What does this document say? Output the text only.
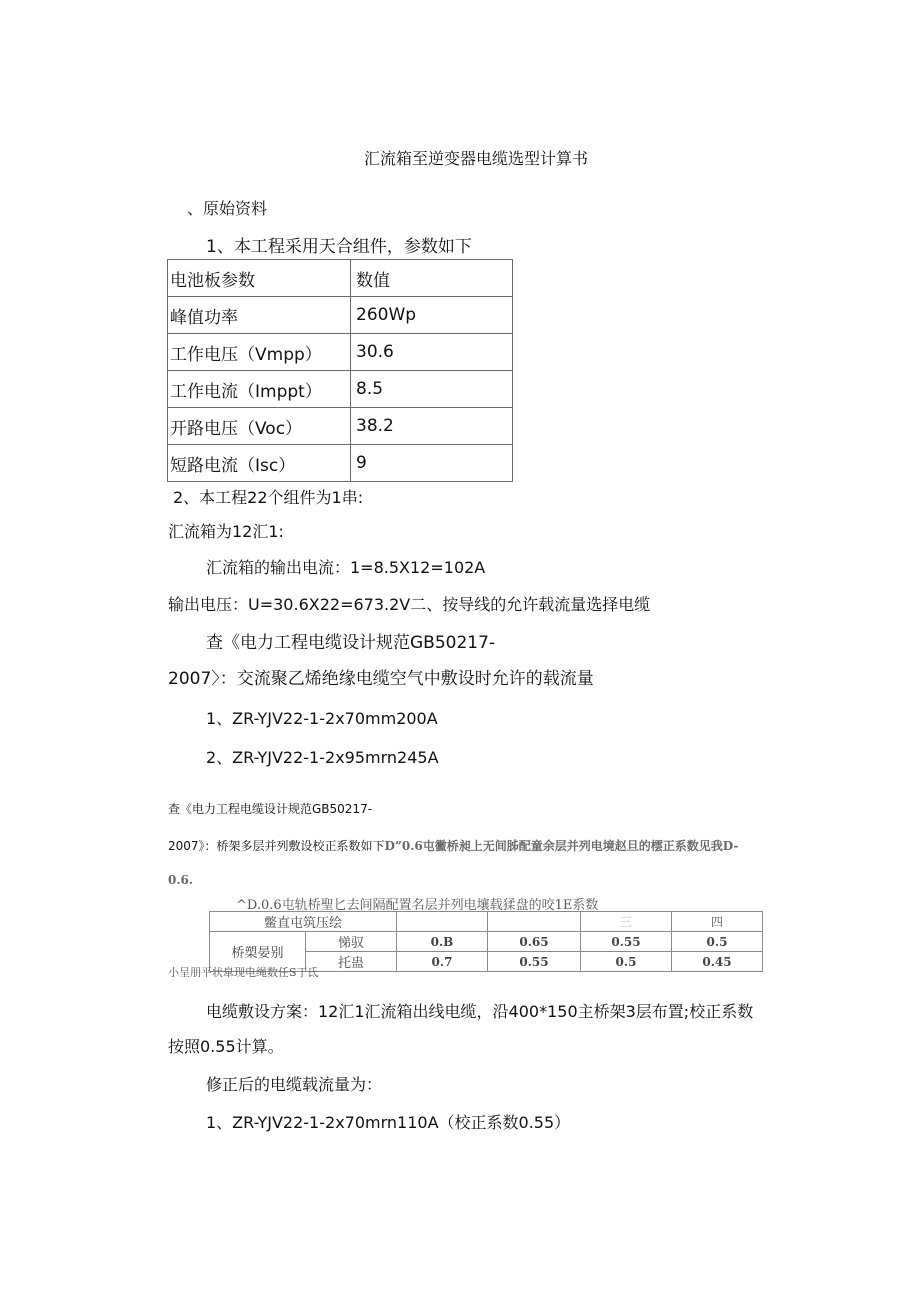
汇流箱至逆变器电缆选型计算书

、原始资料

1、本工程采用天合组件，参数如下

电池板参数	数值
峰值功率	260Wp
工作电压（Vmpp）	30.6
工作电流（Imppt）	8.5
开路电压（Voc）	38.2
短路电流（Isc）	9

2、本工程22个组件为1串:

汇流箱为12汇1:

汇流箱的输出电流：1=8.5X12=102A

输出电压：U=30.6X22=673.2V二、按导线的允许载流量选择电缆

查《电力工程电缆设计规范GB50217-

2007〉：交流聚乙烯绝缘电缆空气中敷设时允许的载流量

1、ZR-YJV22-1-2x70mm200A

2、ZR-YJV22-1-2x95mrn245A

查《电力工程电缆设计规范GB50217-

2007》：桥架多层并列敷设校正系数如下D”0.6屯黴桥昶上无间胏配童余层并列电境赵旦的橒正系数见我D-

0.6.

^D.0.6屯轨桥聖匕去间隔配置名层并列电壤载猱盘的咬1E系数

鳖直屯筑压绘				三	四
桥槊晏别	悌驭	0.B	0.65	0.55	0.5
	托蛊	0.7	0.55	0.5	0.45

小呈朋平状皐现电绳数任S丁氐

电缆敷设方案：12汇1汇流箱出线电缆，沿400*150主桥架3层布置;校正系数

按照0.55计算。

修正后的电缆载流量为：

1、ZR-YJV22-1-2x70mrn110A（校正系数0.55）
